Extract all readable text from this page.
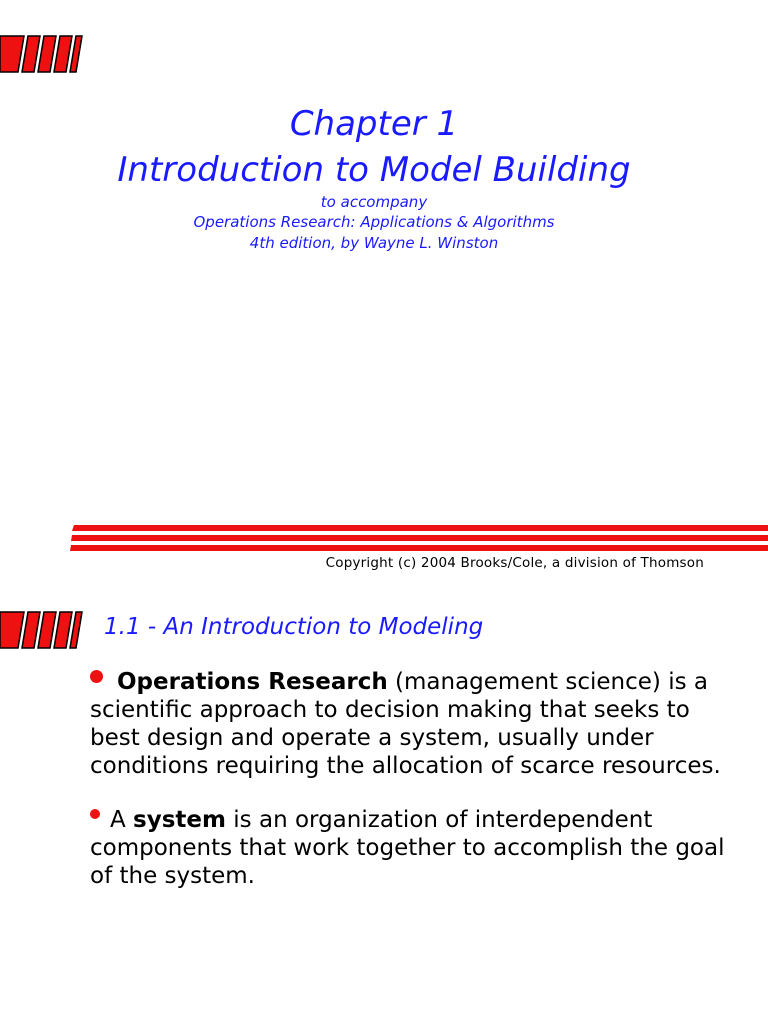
Chapter 1
Introduction to Model Building
to accompany
Operations Research: Applications & Algorithms
4th edition, by Wayne L. Winston
Copyright (c) 2004 Brooks/Cole, a division of Thomson
1.1 - An Introduction to Modeling

Operations Research (management science) is a scientific approach to decision making that seeks to best design and operate a system, usually under conditions requiring the allocation of scarce resources.

A system is an organization of interdependent components that work together to accomplish the goal of the system.
